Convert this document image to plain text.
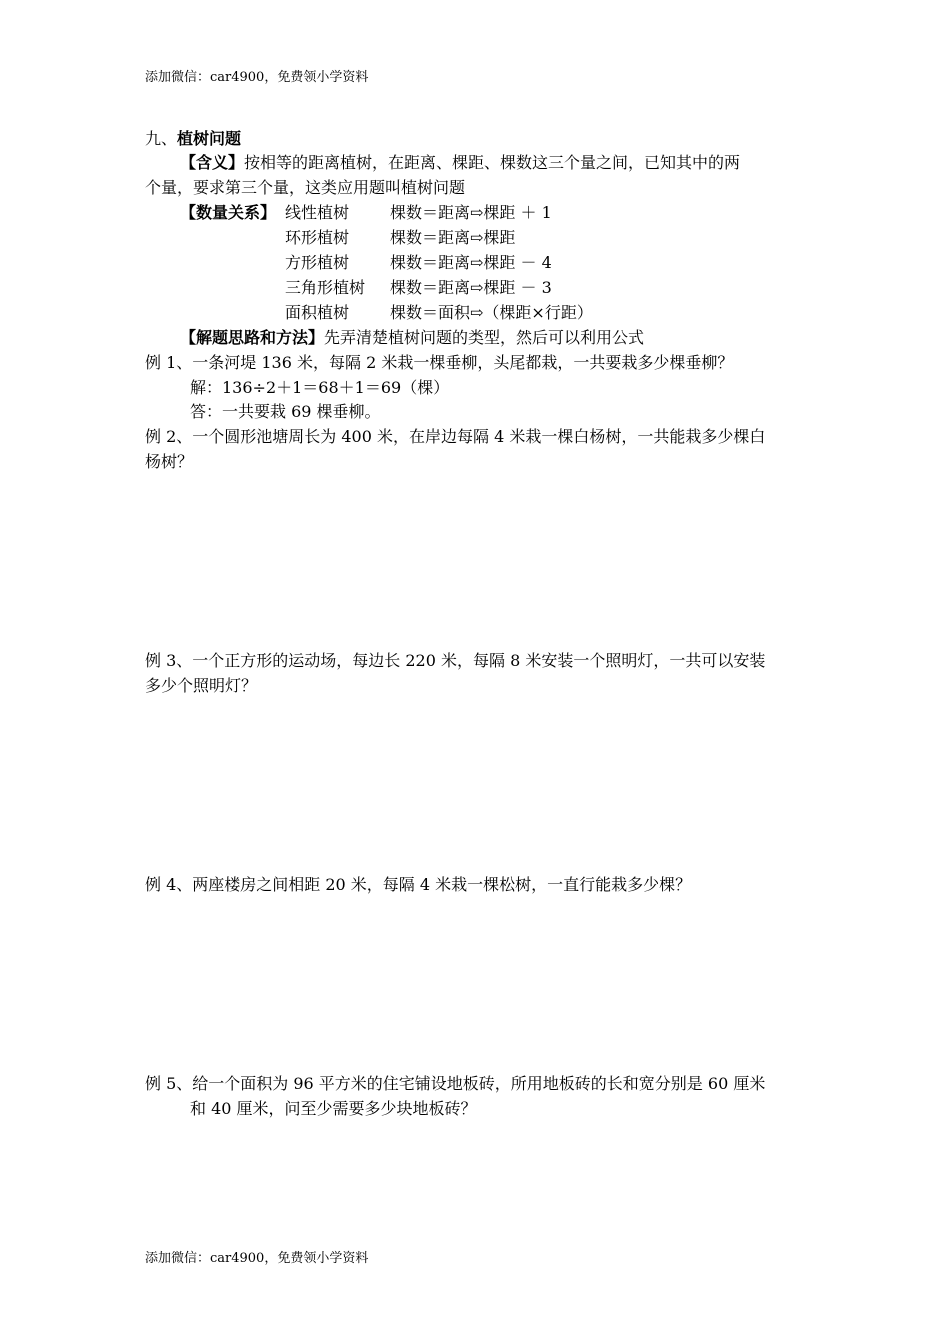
添加微信：car4900，免费领小学资料
九、植树问题
【含义】按相等的距离植树，在距离、棵距、棵数这三个量之间，已知其中的两
个量，要求第三个量，这类应用题叫植树问题
【数量关系】 线性植树	棵数＝距离⇨棵距 ＋ 1
环形植树	棵数＝距离⇨棵距
方形植树	棵数＝距离⇨棵距 － 4
三角形植树 棵数＝距离⇨棵距 － 3
面积植树	棵数＝面积⇨（棵距×行距）
【解题思路和方法】先弄清楚植树问题的类型，然后可以利用公式
例 1、一条河堤 136 米，每隔 2 米栽一棵垂柳，头尾都栽，一共要栽多少棵垂柳？
解：136÷2＋1＝68＋1＝69（棵）
答：一共要栽 69 棵垂柳。
例 2、一个圆形池塘周长为 400 米，在岸边每隔 4 米栽一棵白杨树，一共能栽多少棵白
杨树？
例 3、一个正方形的运动场，每边长 220 米，每隔 8 米安装一个照明灯，一共可以安装
多少个照明灯？
例 4、两座楼房之间相距 20 米，每隔 4 米栽一棵松树，一直行能栽多少棵？
例 5、给一个面积为 96 平方米的住宅铺设地板砖，所用地板砖的长和宽分别是 60 厘米
和 40 厘米，问至少需要多少块地板砖？
添加微信：car4900，免费领小学资料
